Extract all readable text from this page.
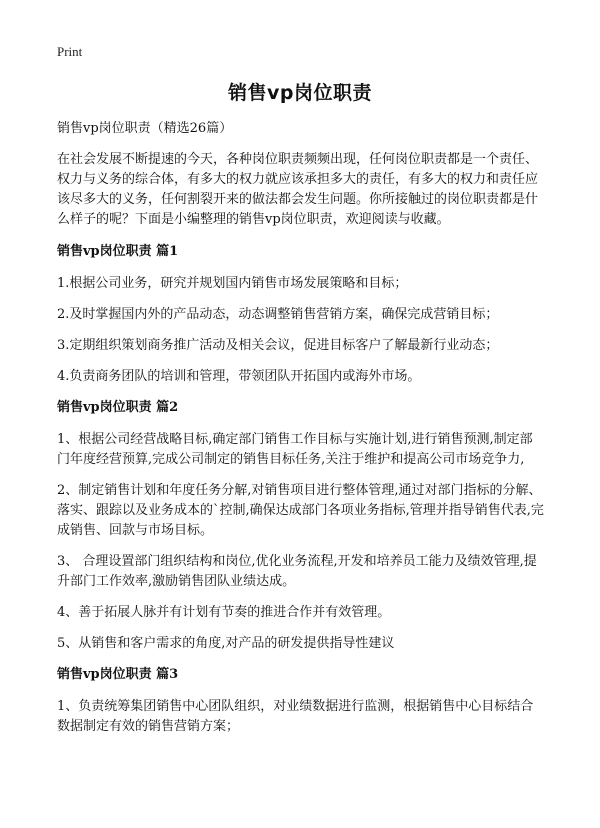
Print
销售vp岗位职责
销售vp岗位职责（精选26篇）
在社会发展不断提速的今天，各种岗位职责频频出现，任何岗位职责都是一个责任、权力与义务的综合体，有多大的权力就应该承担多大的责任，有多大的权力和责任应该尽多大的义务，任何割裂开来的做法都会发生问题。你所接触过的岗位职责都是什么样子的呢？下面是小编整理的销售vp岗位职责，欢迎阅读与收藏。
销售vp岗位职责 篇1
1.根据公司业务，研究并规划国内销售市场发展策略和目标；
2.及时掌握国内外的产品动态，动态调整销售营销方案，确保完成营销目标；
3.定期组织策划商务推广活动及相关会议，促进目标客户了解最新行业动态；
4.负责商务团队的培训和管理，带领团队开拓国内或海外市场。
销售vp岗位职责 篇2
1、根据公司经营战略目标,确定部门销售工作目标与实施计划,进行销售预测,制定部门年度经营预算,完成公司制定的销售目标任务,关注于维护和提高公司市场竞争力,
2、制定销售计划和年度任务分解,对销售项目进行整体管理,通过对部门指标的分解、落实、跟踪以及业务成本的`控制,确保达成部门各项业务指标,管理并指导销售代表,完成销售、回款与市场目标。
3、 合理设置部门组织结构和岗位,优化业务流程,开发和培养员工能力及绩效管理,提升部门工作效率,激励销售团队业绩达成。
4、善于拓展人脉并有计划有节奏的推进合作并有效管理。
5、从销售和客户需求的角度,对产品的研发提供指导性建议
销售vp岗位职责 篇3
1、负责统筹集团销售中心团队组织，对业绩数据进行监测，根据销售中心目标结合数据制定有效的销售营销方案；
